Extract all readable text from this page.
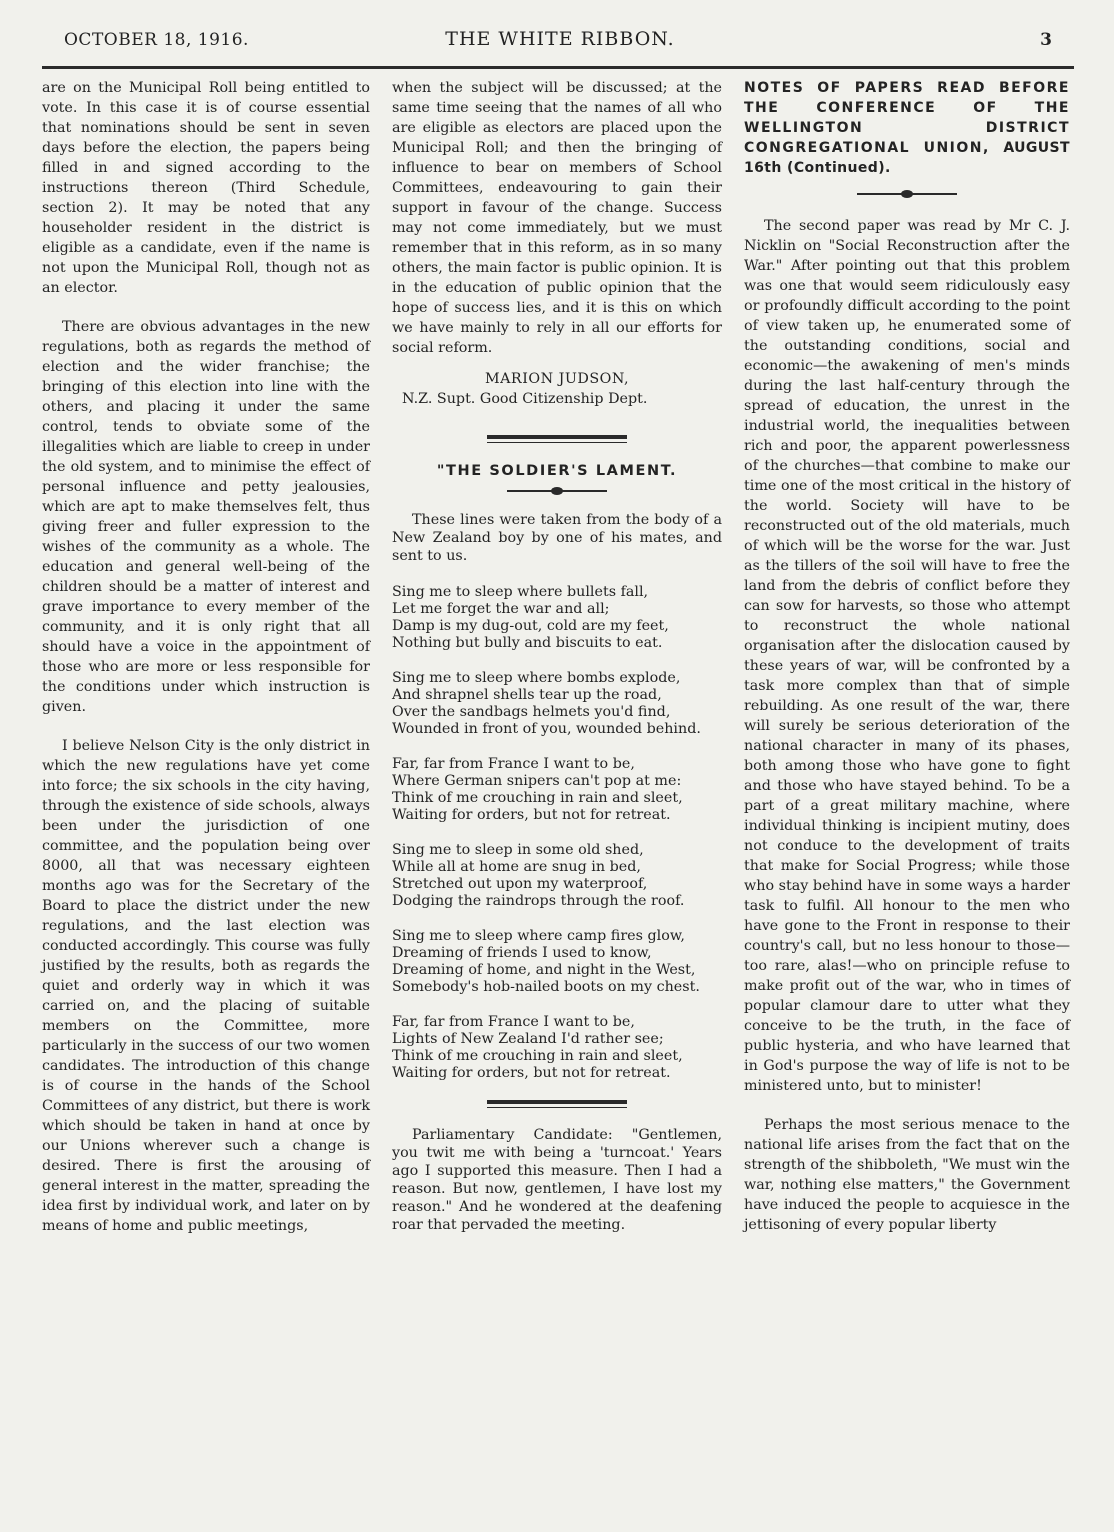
OCTOBER 18, 1916.	THE WHITE RIBBON.	3

are on the Municipal Roll being entitled to vote. In this case it is of course essential that nominations should be sent in seven days before the election, the papers being filled in and signed according to the instructions thereon (Third Schedule, section 2). It may be noted that any householder resident in the district is eligible as a candidate, even if the name is not upon the Municipal Roll, though not as an elector.

There are obvious advantages in the new regulations, both as regards the method of election and the wider franchise; the bringing of this election into line with the others, and placing it under the same control, tends to obviate some of the illegalities which are liable to creep in under the old system, and to minimise the effect of personal influence and petty jealousies, which are apt to make themselves felt, thus giving freer and fuller expression to the wishes of the community as a whole. The education and general well-being of the children should be a matter of interest and grave importance to every member of the community, and it is only right that all should have a voice in the appointment of those who are more or less responsible for the conditions under which instruction is given.

I believe Nelson City is the only district in which the new regulations have yet come into force; the six schools in the city having, through the existence of side schools, always been under the jurisdiction of one committee, and the population being over 8000, all that was necessary eighteen months ago was for the Secretary of the Board to place the district under the new regulations, and the last election was conducted accordingly. This course was fully justified by the results, both as regards the quiet and orderly way in which it was carried on, and the placing of suitable members on the Committee, more particularly in the success of our two women candidates. The introduction of this change is of course in the hands of the School Committees of any district, but there is work which should be taken in hand at once by our Unions wherever such a change is desired. There is first the arousing of general interest in the matter, spreading the idea first by individual work, and later on by means of home and public meetings,

when the subject will be discussed; at the same time seeing that the names of all who are eligible as electors are placed upon the Municipal Roll; and then the bringing of influence to bear on members of School Committees, endeavouring to gain their support in favour of the change. Success may not come immediately, but we must remember that in this reform, as in so many others, the main factor is public opinion. It is in the education of public opinion that the hope of success lies, and it is this on which we have mainly to rely in all our efforts for social reform.

MARION JUDSON,
N.Z. Supt. Good Citizenship Dept.
"THE SOLDIER'S LAMENT.

These lines were taken from the body of a New Zealand boy by one of his mates, and sent to us.

Sing me to sleep where bullets fall,
Let me forget the war and all;
Damp is my dug-out, cold are my feet,
Nothing but bully and biscuits to eat.
Sing me to sleep where bombs explode,
And shrapnel shells tear up the road,
Over the sandbags helmets you'd find,
Wounded in front of you, wounded behind.
Far, far from France I want to be,
Where German snipers can't pop at me:
Think of me crouching in rain and sleet,
Waiting for orders, but not for retreat.
Sing me to sleep in some old shed,
While all at home are snug in bed,
Stretched out upon my waterproof,
Dodging the raindrops through the roof.
Sing me to sleep where camp fires glow,
Dreaming of friends I used to know,
Dreaming of home, and night in the West,
Somebody's hob-nailed boots on my chest.
Far, far from France I want to be,
Lights of New Zealand I'd rather see;
Think of me crouching in rain and sleet,
Waiting for orders, but not for retreat.

Parliamentary Candidate: "Gentlemen, you twit me with being a 'turncoat.' Years ago I supported this measure. Then I had a reason. But now, gentlemen, I have lost my reason." And he wondered at the deafening roar that pervaded the meeting.

NOTES OF PAPERS READ BEFORE THE CONFERENCE OF THE WELLINGTON DISTRICT CONGREGATIONAL UNION, AUGUST 16th (Continued).

The second paper was read by Mr C. J. Nicklin on "Social Reconstruction after the War." After pointing out that this problem was one that would seem ridiculously easy or profoundly difficult according to the point of view taken up, he enumerated some of the outstanding conditions, social and economic—the awakening of men's minds during the last half-century through the spread of education, the unrest in the industrial world, the inequalities between rich and poor, the apparent powerlessness of the churches—that combine to make our time one of the most critical in the history of the world. Society will have to be reconstructed out of the old materials, much of which will be the worse for the war. Just as the tillers of the soil will have to free the land from the debris of conflict before they can sow for harvests, so those who attempt to reconstruct the whole national organisation after the dislocation caused by these years of war, will be confronted by a task more complex than that of simple rebuilding. As one result of the war, there will surely be serious deterioration of the national character in many of its phases, both among those who have gone to fight and those who have stayed behind. To be a part of a great military machine, where individual thinking is incipient mutiny, does not conduce to the development of traits that make for Social Progress; while those who stay behind have in some ways a harder task to fulfil. All honour to the men who have gone to the Front in response to their country's call, but no less honour to those—too rare, alas!—who on principle refuse to make profit out of the war, who in times of popular clamour dare to utter what they conceive to be the truth, in the face of public hysteria, and who have learned that in God's purpose the way of life is not to be ministered unto, but to minister!

Perhaps the most serious menace to the national life arises from the fact that on the strength of the shibboleth, "We must win the war, nothing else matters," the Government have induced the people to acquiesce in the jettisoning of every popular liberty
